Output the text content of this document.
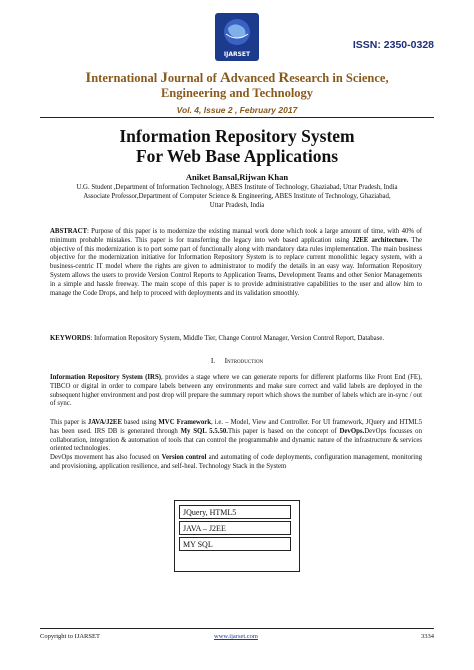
IJARSET
ISSN: 2350-0328
International Journal of Advanced Research in Science,
Engineering and Technology
Vol. 4, Issue 2 , February 2017
Information Repository System
For Web Base Applications
Aniket Bansal,Rijwan Khan
U.G. Student ,Department of Information Technology, ABES Institute of Technology, Ghaziabad, Uttar Pradesh, India
Associate Professor,Department of Computer Science & Engineering, ABES Institute of Technology, Ghaziabad,
Uttar Pradesh, India
ABSTRACT: Purpose of this paper is to modernize the existing manual work done which took a large amount of time, with 40% of minimum probable mistakes. This paper is for transferring the legacy into web based application using J2EE architecture. The objective of this modernization is to port some part of functionally along with mandatory data rules implementation. The main business objective for the modernization initiative for Information Repository System is to replace current monolithic legacy system, with a business-centric IT model where the rights are given to administrator to modify the details in an easy way. Information Repository System allows the users to provide Version Control Reports to Application Teams, Development Teams and other Senior Managements in a simple and hassle freeway. The main scope of this paper is to provide administrative capabilities to the user and allow him to manage the Code Drops, and help to proceed with deployments and its validation smoothly.
KEYWORDS: Information Repository System, Middle Tier, Change Control Manager, Version Control Report, Database.
I. Introduction
Information Repository System (IRS), provides a stage where we can generate reports for different platforms like Front End (FE), TIBCO or digital in order to compare labels between any environments and make sure correct and valid labels are deployed in the subsequent higher environment and post drop will prepare the summary report which shows the number of labels which are in-sync / out of sync.
This paper is JAVA/J2EE based using MVC Framework, i.e. – Model, View and Controller. For UI framework, JQuery and HTML5 has been used. IRS DB is generated through My SQL 5.5.50.This paper is based on the concept of DevOps.DevOps focusses on collaboration, integration & automation of tools that can control the programmable and dynamic nature of the infrastructure & services oriented technologies.
DevOps movement has also focused on Version control and automating of code deployments, configuration management, monitoring and provisioning, application resilience, and self-heal. Technology Stack in the System
JQuery, HTML5
JAVA – J2EE
MY SQL
Copyright to IJARSET	www.ijarset.com	3334
